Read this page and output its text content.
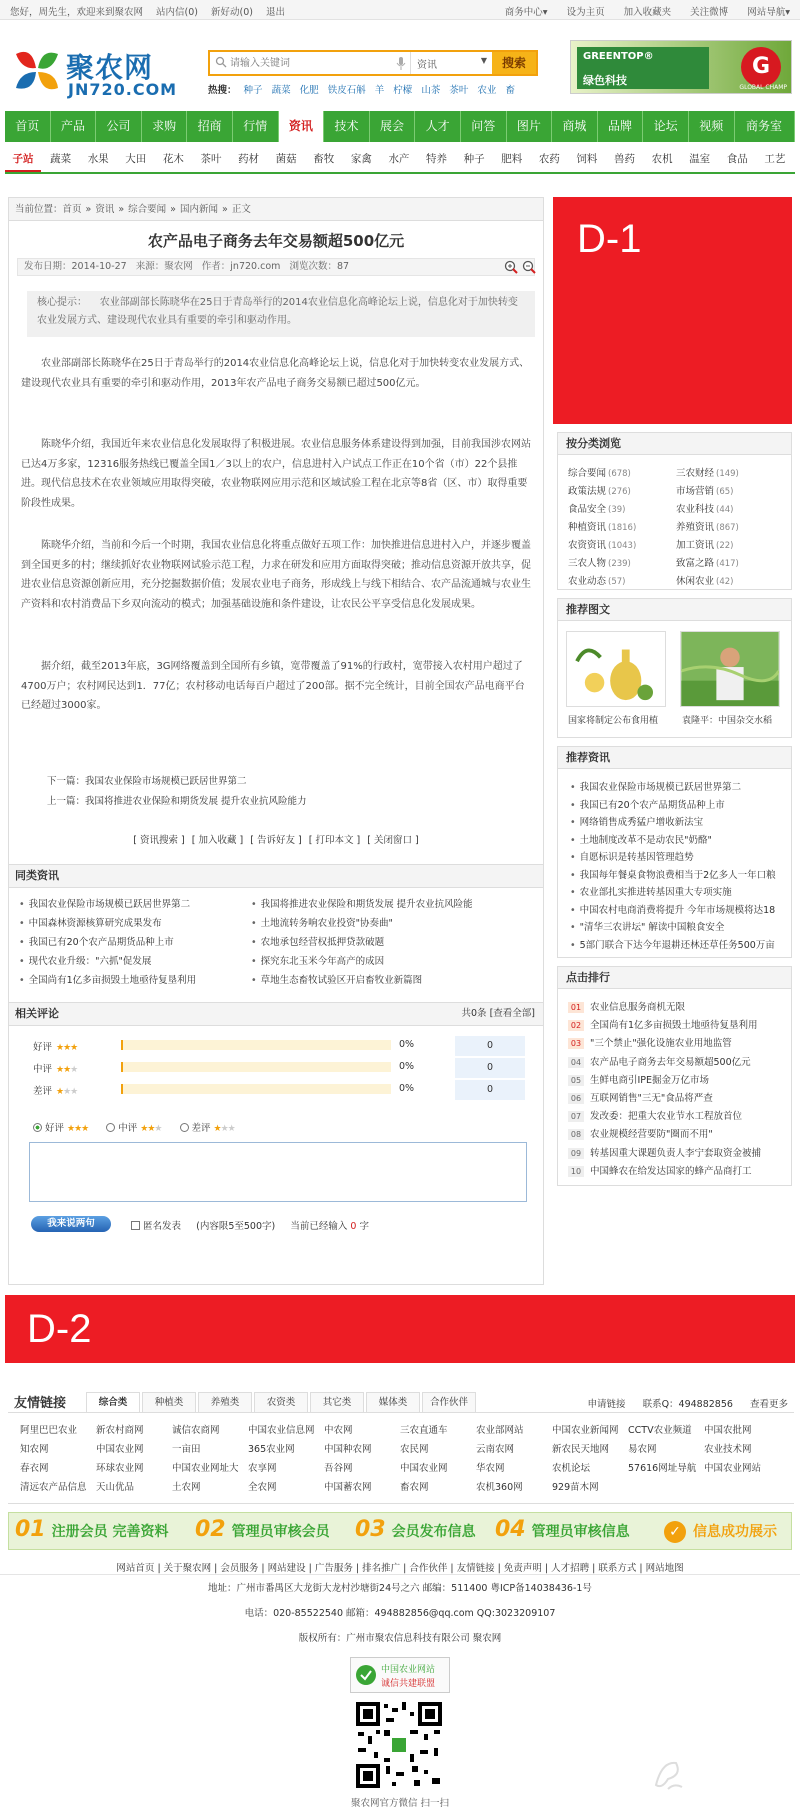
您好，周先生，欢迎来到聚农网 站内信(0) 新好动(0) 退出	商务中心▾ 设为主页 加入收藏夹 关注微博 网站导航▾
聚农网
JN720.COM
请输入关键词
资讯	▼	搜索
热搜： 种子 蔬菜 化肥 铁皮石斛 羊 柠檬 山茶 茶叶 农业 畜
GREENTOP®
绿色科技
G
GLOBAL CHAMP
首页	产品	公司	求购	招商	行情	资讯	技术	展会	人才	问答	图片	商城	品牌	论坛	视频	商务室
子站	蔬菜	水果	大田	花木	茶叶	药材	菌菇	畜牧	家禽	水产	特养	种子	肥料	农药	饲料	兽药	农机	温室	食品	工艺
当前位置：首页 » 资讯 » 综合要闻 » 国内新闻 » 正文
农产品电子商务去年交易额超500亿元
发布日期：2014-10-27 来源：聚农网 作者：jn720.com 浏览次数：87
核心提示： 农业部副部长陈晓华在25日于青岛举行的2014农业信息化高峰论坛上说，信息化对于加快转变农业发展方式、建设现代农业具有重要的牵引和驱动作用。
农业部副部长陈晓华在25日于青岛举行的2014农业信息化高峰论坛上说，信息化对于加快转变农业发展方式、建设现代农业具有重要的牵引和驱动作用，2013年农产品电子商务交易额已超过500亿元。
陈晓华介绍，我国近年来农业信息化发展取得了积极进展。农业信息服务体系建设得到加强，目前我国涉农网站已达4万多家，12316服务热线已覆盖全国1／3以上的农户，信息进村入户试点工作正在10个省（市）22个县推进。现代信息技术在农业领域应用取得突破，农业物联网应用示范和区域试验工程在北京等8省（区、市）取得重要阶段性成果。
陈晓华介绍，当前和今后一个时期，我国农业信息化将重点做好五项工作：加快推进信息进村入户，并逐步覆盖到全国更多的村；继续抓好农业物联网试验示范工程，力求在研发和应用方面取得突破；推动信息资源开放共享，促进农业信息资源创新应用，充分挖掘数据价值；发展农业电子商务，形成线上与线下相结合、农产品流通城与农业生产资料和农村消费品下乡双向流动的模式；加强基础设施和条件建设，让农民公平享受信息化发展成果。
据介绍，截至2013年底，3G网络覆盖到全国所有乡镇，宽带覆盖了91%的行政村，宽带接入农村用户超过了4700万户；农村网民达到1．77亿；农村移动电话每百户超过了200部。据不完全统计，目前全国农产品电商平台已经超过3000家。
下一篇：我国农业保险市场规模已跃居世界第二
上一篇：我国将推进农业保险和期货发展 提升农业抗风险能力
[ 资讯搜索 ] [ 加入收藏 ] [ 告诉好友 ] [ 打印本文 ] [ 关闭窗口 ]
同类资讯
• 我国农业保险市场规模已跃居世界第二	• 我国将推进农业保险和期货发展 提升农业抗风险能
• 中国森林资源核算研究成果发布	• 土地流转务响农业投资"协奏曲"
• 我国已有20个农产品期货品种上市	• 农地承包经营权抵押贷款破题
• 现代农业升级："六抓"促发展	• 探究东北玉米今年高产的成因
• 全国尚有1亿多亩损毁土地亟待复垦利用	• 草地生态畜牧试验区开启畜牧业新篇图
相关评论	共0条 [查看全部]
好评 ★★★	0%	0
中评 ★★★	0%	0
差评 ★★★	0%	0
好评 ★★★	中评 ★★★	差评 ★★★
我来说两句	匿名发表 (内容限5至500字) 当前已经输入 0 字
D-1
按分类浏览
综合要闻 (678)	三农财经 (149)
政策法规 (276)	市场营销 (65)
食品安全 (39)	农业科技 (44)
种植资讯 (1816)	养殖资讯 (867)
农资资讯 (1043)	加工资讯 (22)
三农人物 (239)	致富之路 (417)
农业动态 (57)	休闲农业 (42)
推荐图文
国家将制定公布食用植	袁隆平：中国杂交水稻
推荐资讯
• 我国农业保险市场规模已跃居世界第二
• 我国已有20个农产品期货品种上市
• 网络销售成秀猛户增收新法宝
• 土地制度改革不是动农民"奶酪"
• 自愿标识是转基因管理趋势
• 我国每年餐桌食物浪费相当于2亿多人一年口粮
• 农业部扎实推进转基因重大专项实施
• 中国农村电商消费将提升 今年市场规模将达18
• "清华三农讲坛" 解读中国粮食安全
• 5部门联合下达今年退耕还林还草任务500万亩
点击排行
01 农业信息服务商机无限
02 全国尚有1亿多亩损毁土地亟待复垦利用
03 "三个禁止"强化设施农业用地监管
04 农产品电子商务去年交易额超500亿元
05 生鲜电商引IPE掘金万亿市场
06 互联网销售"三无"食品将严查
07 发改委：把重大农业节水工程放首位
08 农业规模经营要防"圈而不用"
09 转基因重大课题负责人李宁套取资金被捕
10 中国蜂农在给发达国家的蜂产品商打工
D-2
友情链接	综合类	种植类	养殖类	农资类	其它类	媒体类	合作伙伴	申请链接 联系Q：494882856 查看更多
阿里巴巴农业 新农村商网	诚信农商网	中国农业信息网 中农网	三农直通车	农业部网站	中国农业新闻网 CCTV农业频道 中国农批网
知农网	中国农业网	一亩田	365农业网	中国种农网	农民网	云南农网	新农民天地网 易农网	农业技术网
春衣网	环球农业网	中国农业网址大 农享网	吾谷网	中国农业网	华农网	农机论坛	57616网址导航 中国农业网站
清远农产品信息 天山优品	土农网	全农网	中国蓄农网	畜农网	农机360网	929苗木网
01 注册会员 完善资料 02 管理员审核会员 03 会员发布信息 04 管理员审核信息	✓ 信息成功展示
网站首页 | 关于聚农网 | 会员服务 | 网站建设 | 广告服务 | 排名推广 | 合作伙伴 | 友情链接 | 免责声明 | 人才招聘 | 联系方式 | 网站地图
地址：广州市番禺区大龙街大龙村沙塘街24号之六 邮编：511400 粤ICP备14038436-1号
电话：020-85522540 邮箱：494882856@qq.com QQ:3023209107
版权所有：广州市聚农信息科技有限公司 聚农网
中国农业网站
诚信共建联盟
聚农网官方微信 扫一扫
